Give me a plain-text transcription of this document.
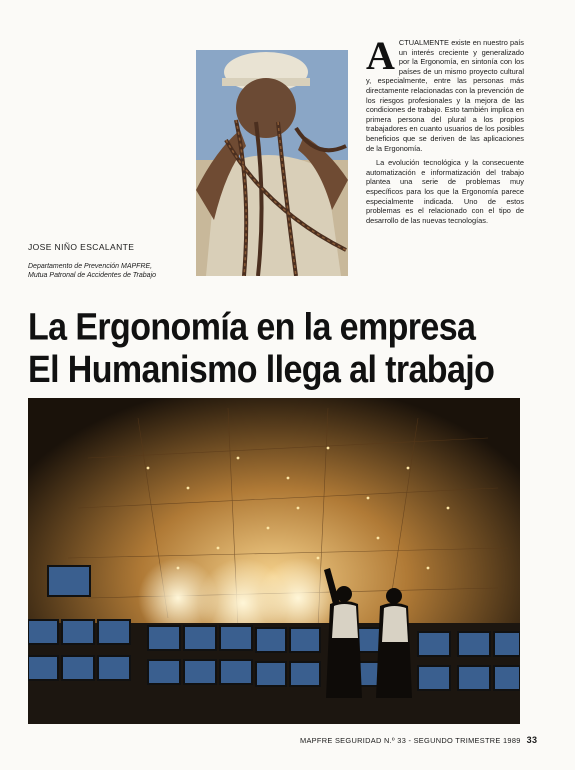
JOSE NIÑO ESCALANTE
Departamento de Prevención MAPFRE,
Mutua Patronal de Accidentes de Trabajo

ACTUALMENTE existe en nuestro país un interés creciente y generalizado por la Ergonomía, en sintonía con los países de un mismo proyecto cultural y, especialmente, entre las personas más directamente relacionadas con la prevención de los riesgos profesionales y la mejora de las condiciones de trabajo. Esto también implica en primera persona del plural a los propios trabajadores en cuanto usuarios de los posibles beneficios que se deriven de las aplicaciones de la Ergonomía.

La evolución tecnológica y la consecuente automatización e informatización del trabajo plantea una serie de problemas muy específicos para los que la Ergonomía parece especialmente indicada. Uno de estos problemas es el relacionado con el tipo de desarrollo de las nuevas tecnologías.

La Ergonomía en la empresa
El Humanismo llega al trabajo
MAPFRE SEGURIDAD N.º 33 - SEGUNDO TRIMESTRE 1989 33
